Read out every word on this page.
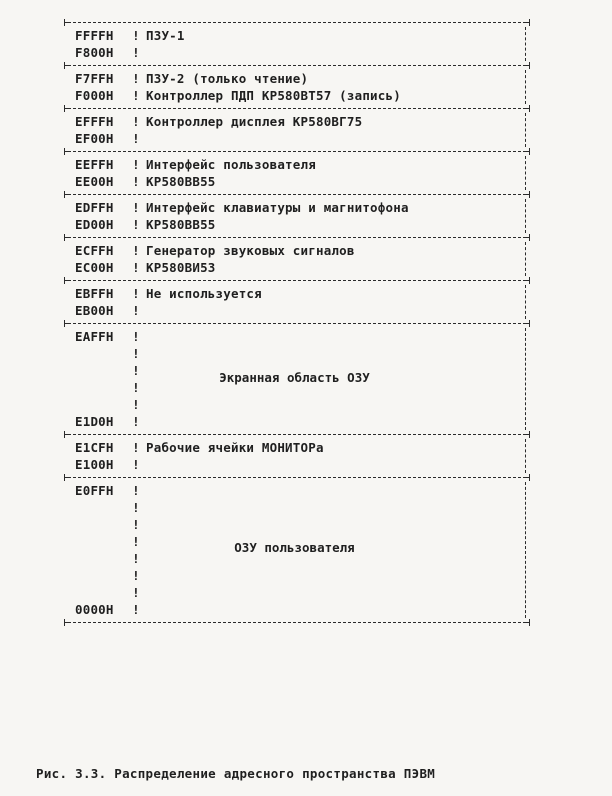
FFFFH	! ПЗУ-1
F800H	!
F7FFH	! ПЗУ-2 (только чтение)
F000H	! Контроллер ПДП КР580ВТ57 (запись)
EFFFH	! Контроллер дисплея КР580ВГ75
EF00H	!
EEFFH	! Интерфейс пользователя
EE00H	! КР580ВВ55
EDFFH	! Интерфейс клавиатуры и магнитофона
ED00H	! КР580ВВ55
ECFFH	! Генератор звуковых сигналов
EC00H	! КР580ВИ53
EBFFH	! Не используется
EB00H	!
EAFFH	!
!
!
!
!
E1D0H	!
Экранная область ОЗУ
E1CFH	! Рабочие ячейки МОНИТОРа
E100H	!
E0FFH	!
!
!
!
!
!
!
0000H	!
ОЗУ пользователя
Рис. 3.3. Распределение адресного пространства ПЭВМ
